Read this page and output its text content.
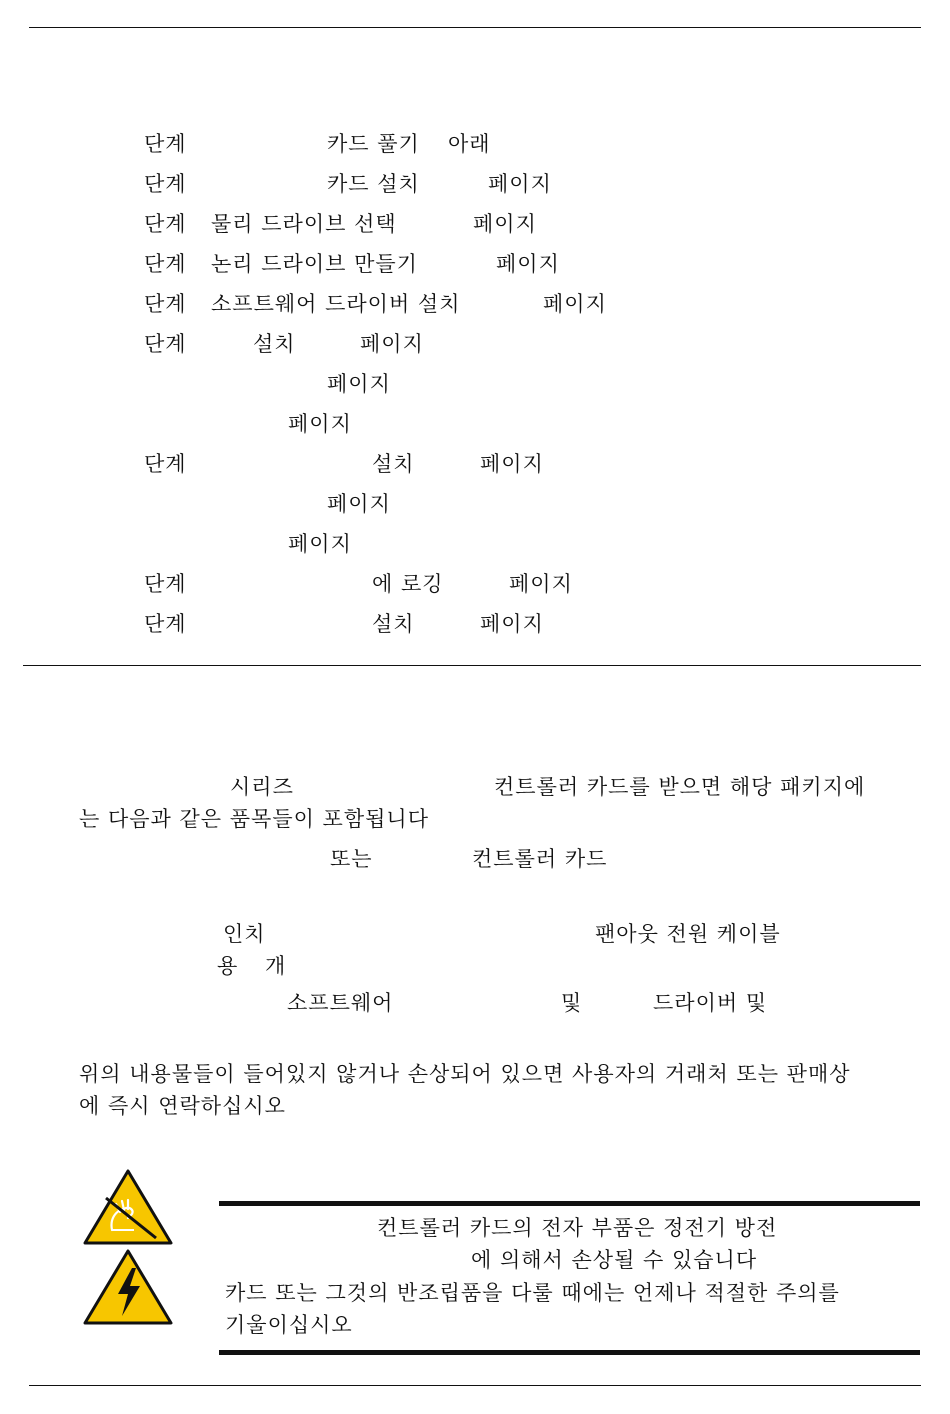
단계	카드 풀기 아래
단계	카드 설치	페이지
단계 물리 드라이브 선택	페이지
단계 논리 드라이브 만들기	페이지
단계 소프트웨어 드라이버 설치	페이지
단계	설치	페이지
페이지
페이지
단계	설치	페이지
페이지
페이지
단계	에 로깅	페이지
단계	설치	페이지
시리즈	컨트롤러 카드를 받으면 해당 패키지에
는 다음과 같은 품목들이 포함됩니다
또는	컨트롤러 카드
인치	팬아웃 전원 케이블
용 개
소프트웨어	및	드라이버 및
위의 내용물들이 들어있지 않거나 손상되어 있으면 사용자의 거래처 또는 판매상
에 즉시 연락하십시오
컨트롤러 카드의 전자 부품은 정전기 방전
에 의해서 손상될 수 있습니다
카드 또는 그것의 반조립품을 다룰 때에는 언제나 적절한 주의를
기울이십시오
